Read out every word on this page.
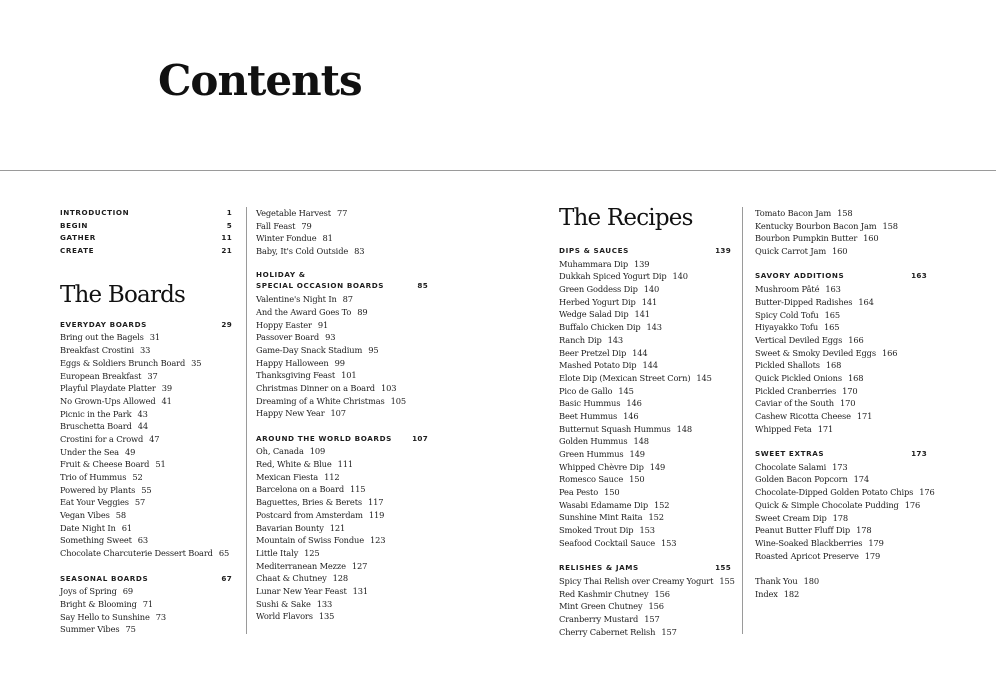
Contents
INTRODUCTION	1
BEGIN	5
GATHER	11
CREATE	21
The Boards
EVERYDAY BOARDS	29
Bring out the Bagels 31
Breakfast Crostini 33
Eggs & Soldiers Brunch Board 35
European Breakfast 37
Playful Playdate Platter 39
No Grown-Ups Allowed 41
Picnic in the Park 43
Bruschetta Board 44
Crostini for a Crowd 47
Under the Sea 49
Fruit & Cheese Board 51
Trio of Hummus 52
Powered by Plants 55
Eat Your Veggies 57
Vegan Vibes 58
Date Night In 61
Something Sweet 63
Chocolate Charcuterie Dessert Board 65
SEASONAL BOARDS	67
Joys of Spring 69
Bright & Blooming 71
Say Hello to Sunshine 73
Summer Vibes 75
Vegetable Harvest 77
Fall Feast 79
Winter Fondue 81
Baby, It's Cold Outside 83
HOLIDAY &
SPECIAL OCCASION BOARDS	85
Valentine's Night In 87
And the Award Goes To 89
Hoppy Easter 91
Passover Board 93
Game-Day Snack Stadium 95
Happy Halloween 99
Thanksgiving Feast 101
Christmas Dinner on a Board 103
Dreaming of a White Christmas 105
Happy New Year 107
AROUND THE WORLD BOARDS	107
Oh, Canada 109
Red, White & Blue 111
Mexican Fiesta 112
Barcelona on a Board 115
Baguettes, Bries & Berets 117
Postcard from Amsterdam 119
Bavarian Bounty 121
Mountain of Swiss Fondue 123
Little Italy 125
Mediterranean Mezze 127
Chaat & Chutney 128
Lunar New Year Feast 131
Sushi & Sake 133
World Flavors 135
The Recipes
DIPS & SAUCES	139
Muhammara Dip 139
Dukkah Spiced Yogurt Dip 140
Green Goddess Dip 140
Herbed Yogurt Dip 141
Wedge Salad Dip 141
Buffalo Chicken Dip 143
Ranch Dip 143
Beer Pretzel Dip 144
Mashed Potato Dip 144
Elote Dip (Mexican Street Corn) 145
Pico de Gallo 145
Basic Hummus 146
Beet Hummus 146
Butternut Squash Hummus 148
Golden Hummus 148
Green Hummus 149
Whipped Chèvre Dip 149
Romesco Sauce 150
Pea Pesto 150
Wasabi Edamame Dip 152
Sunshine Mint Raita 152
Smoked Trout Dip 153
Seafood Cocktail Sauce 153
RELISHES & JAMS	155
Spicy Thai Relish over Creamy Yogurt 155
Red Kashmir Chutney 156
Mint Green Chutney 156
Cranberry Mustard 157
Cherry Cabernet Relish 157
Tomato Bacon Jam 158
Kentucky Bourbon Bacon Jam 158
Bourbon Pumpkin Butter 160
Quick Carrot Jam 160
SAVORY ADDITIONS	163
Mushroom Pâté 163
Butter-Dipped Radishes 164
Spicy Cold Tofu 165
Hiyayakko Tofu 165
Vertical Deviled Eggs 166
Sweet & Smoky Deviled Eggs 166
Pickled Shallots 168
Quick Pickled Onions 168
Pickled Cranberries 170
Caviar of the South 170
Cashew Ricotta Cheese 171
Whipped Feta 171
SWEET EXTRAS	173
Chocolate Salami 173
Golden Bacon Popcorn 174
Chocolate-Dipped Golden Potato Chips 176
Quick & Simple Chocolate Pudding 176
Sweet Cream Dip 178
Peanut Butter Fluff Dip 178
Wine-Soaked Blackberries 179
Roasted Apricot Preserve 179
Thank You 180
Index 182
